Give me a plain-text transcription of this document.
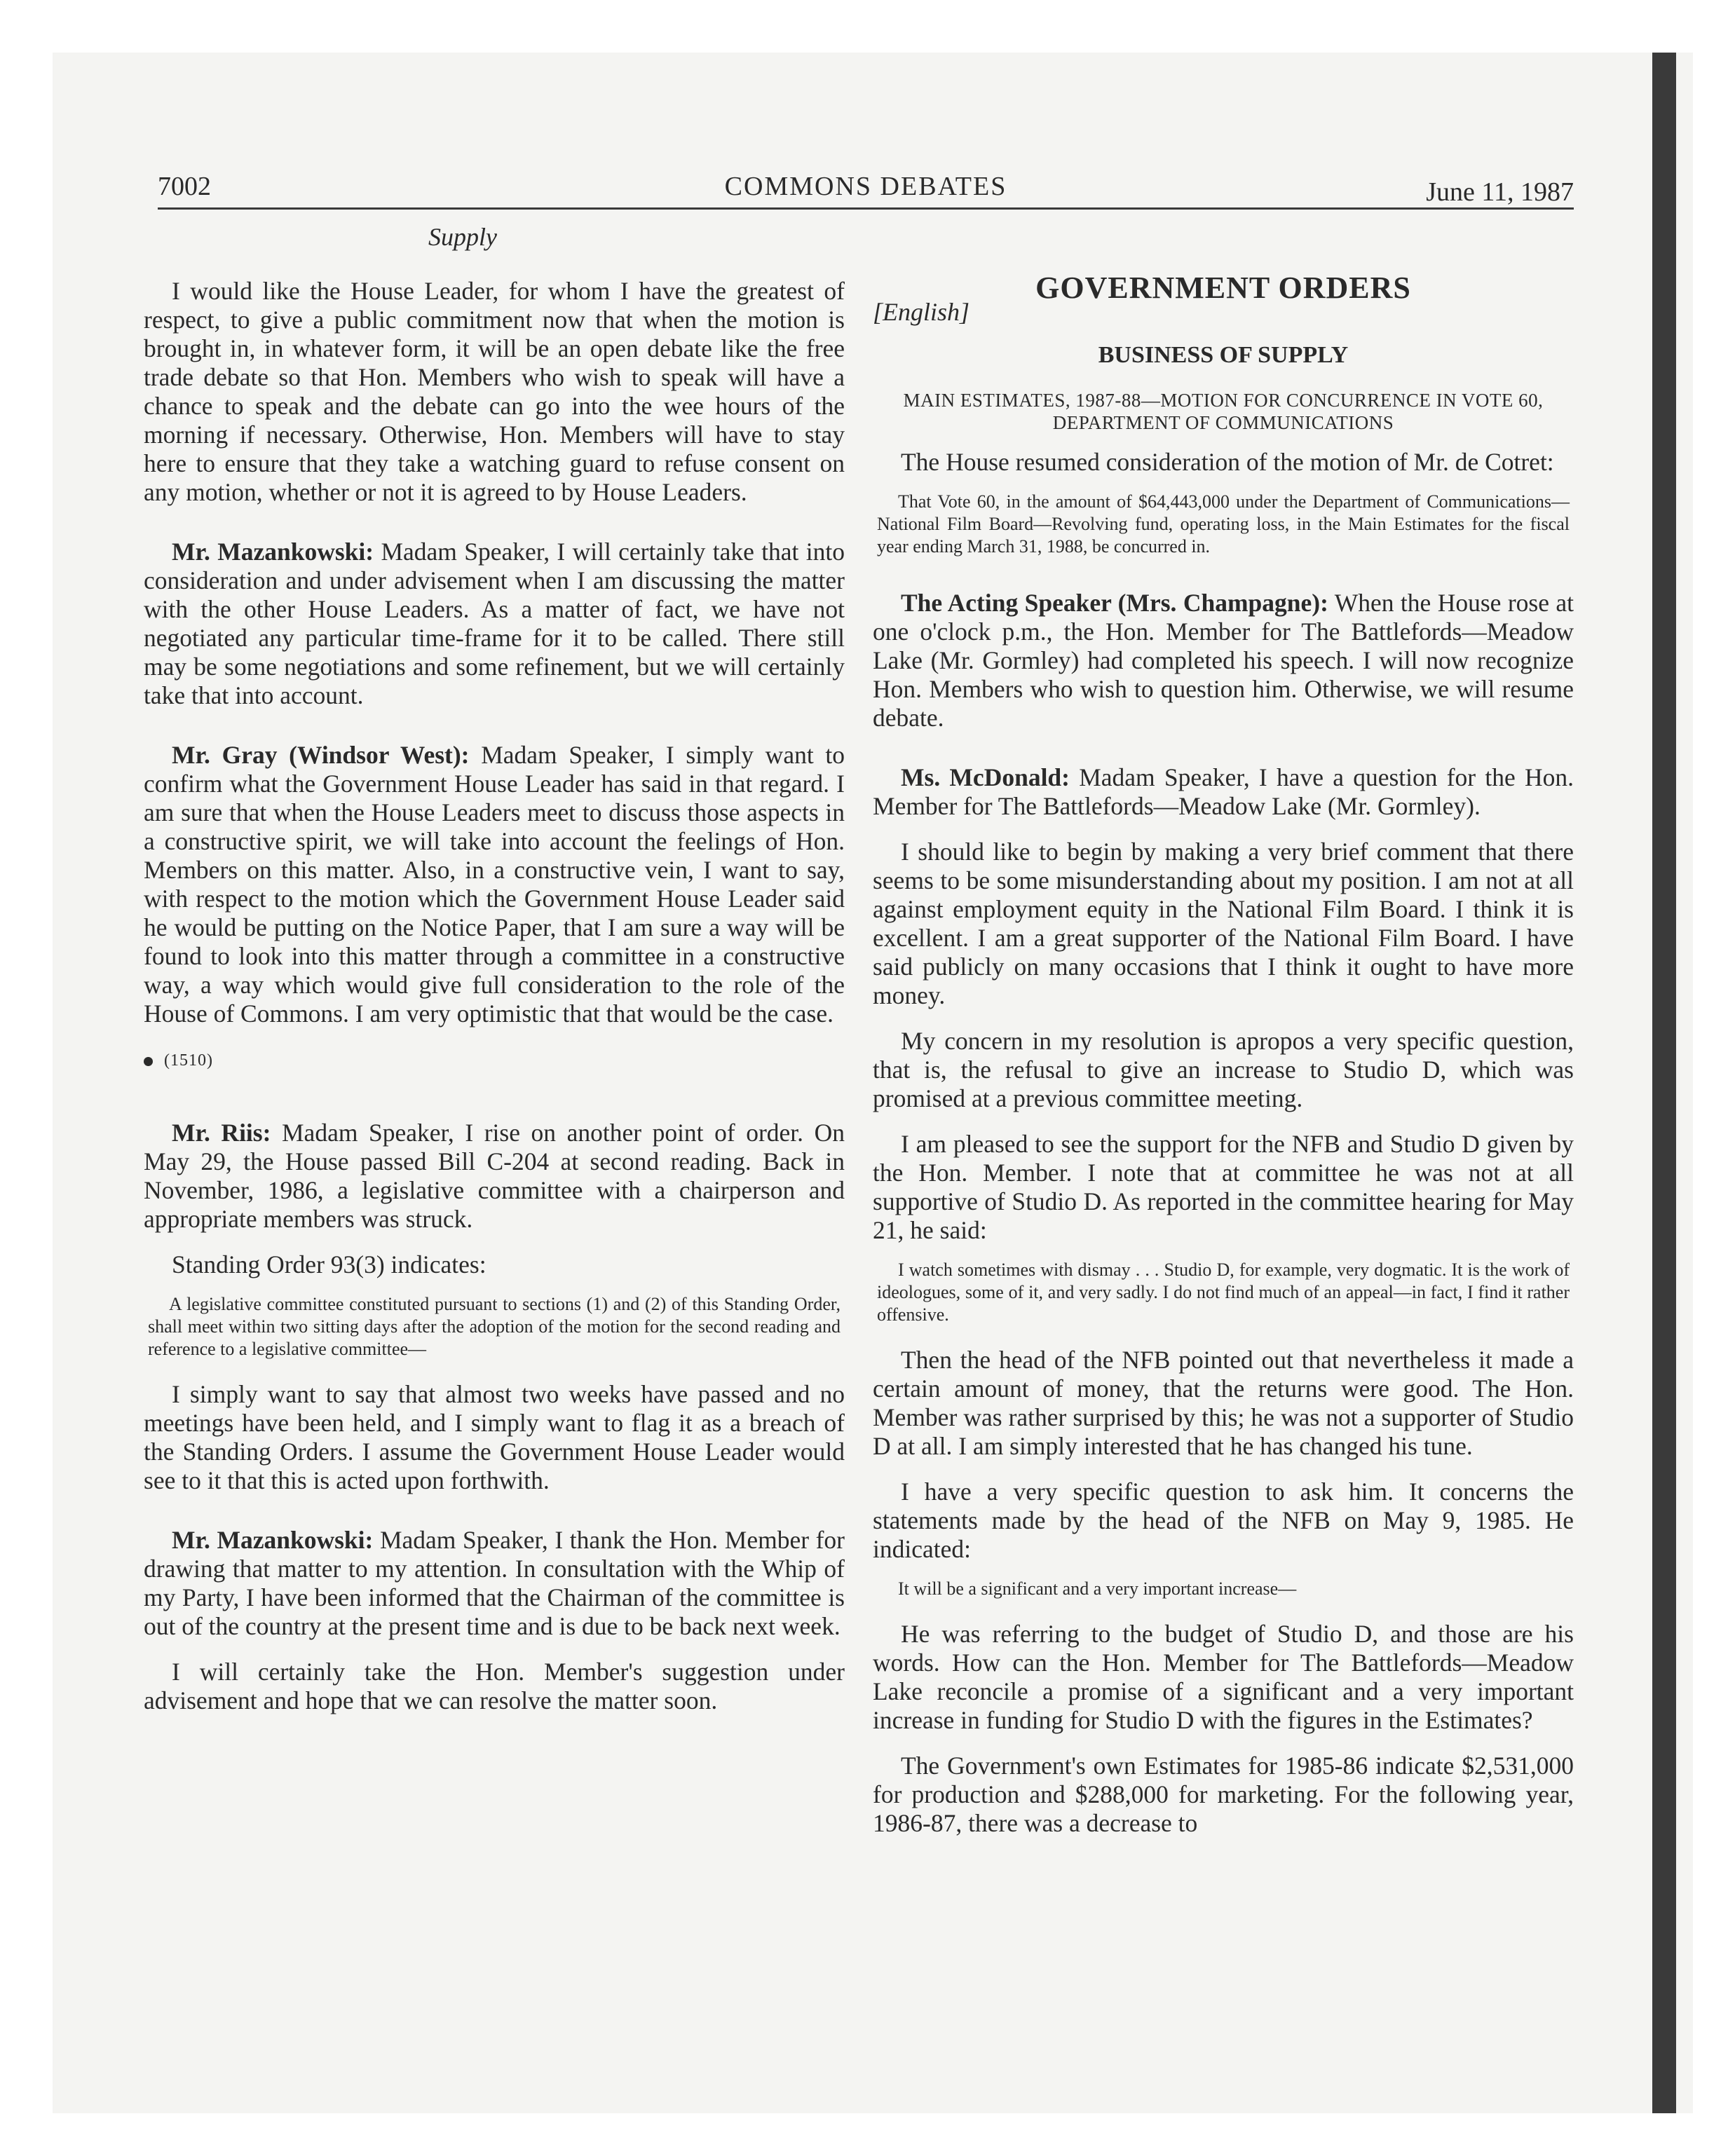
7002	COMMONS DEBATES	June 11, 1987
Supply

I would like the House Leader, for whom I have the greatest of respect, to give a public commitment now that when the motion is brought in, in whatever form, it will be an open debate like the free trade debate so that Hon. Members who wish to speak will have a chance to speak and the debate can go into the wee hours of the morning if necessary. Otherwise, Hon. Members will have to stay here to ensure that they take a watching guard to refuse consent on any motion, whether or not it is agreed to by House Leaders.

Mr. Mazankowski: Madam Speaker, I will certainly take that into consideration and under advisement when I am discussing the matter with the other House Leaders. As a matter of fact, we have not negotiated any particular time-frame for it to be called. There still may be some negotiations and some refinement, but we will certainly take that into account.

Mr. Gray (Windsor West): Madam Speaker, I simply want to confirm what the Government House Leader has said in that regard. I am sure that when the House Leaders meet to discuss those aspects in a constructive spirit, we will take into account the feelings of Hon. Members on this matter. Also, in a constructive vein, I want to say, with respect to the motion which the Government House Leader said he would be putting on the Notice Paper, that I am sure a way will be found to look into this matter through a committee in a constructive way, a way which would give full consideration to the role of the House of Commons. I am very optimistic that that would be the case.

(1510)

Mr. Riis: Madam Speaker, I rise on another point of order. On May 29, the House passed Bill C-204 at second reading. Back in November, 1986, a legislative committee with a chairperson and appropriate members was struck.

Standing Order 93(3) indicates:

A legislative committee constituted pursuant to sections (1) and (2) of this Standing Order, shall meet within two sitting days after the adoption of the motion for the second reading and reference to a legislative committee—

I simply want to say that almost two weeks have passed and no meetings have been held, and I simply want to flag it as a breach of the Standing Orders. I assume the Government House Leader would see to it that this is acted upon forthwith.

Mr. Mazankowski: Madam Speaker, I thank the Hon. Member for drawing that matter to my attention. In consultation with the Whip of my Party, I have been informed that the Chairman of the committee is out of the country at the present time and is due to be back next week.

I will certainly take the Hon. Member's suggestion under advisement and hope that we can resolve the matter soon.

GOVERNMENT ORDERS
[English]
BUSINESS OF SUPPLY
MAIN ESTIMATES, 1987-88—MOTION FOR CONCURRENCE IN VOTE 60, DEPARTMENT OF COMMUNICATIONS

The House resumed consideration of the motion of Mr. de Cotret:

That Vote 60, in the amount of $64,443,000 under the Department of Communications—National Film Board—Revolving fund, operating loss, in the Main Estimates for the fiscal year ending March 31, 1988, be concurred in.

The Acting Speaker (Mrs. Champagne): When the House rose at one o'clock p.m., the Hon. Member for The Battlefords—Meadow Lake (Mr. Gormley) had completed his speech. I will now recognize Hon. Members who wish to question him. Otherwise, we will resume debate.

Ms. McDonald: Madam Speaker, I have a question for the Hon. Member for The Battlefords—Meadow Lake (Mr. Gormley).

I should like to begin by making a very brief comment that there seems to be some misunderstanding about my position. I am not at all against employment equity in the National Film Board. I think it is excellent. I am a great supporter of the National Film Board. I have said publicly on many occasions that I think it ought to have more money.

My concern in my resolution is apropos a very specific question, that is, the refusal to give an increase to Studio D, which was promised at a previous committee meeting.

I am pleased to see the support for the NFB and Studio D given by the Hon. Member. I note that at committee he was not at all supportive of Studio D. As reported in the committee hearing for May 21, he said:

I watch sometimes with dismay . . . Studio D, for example, very dogmatic. It is the work of ideologues, some of it, and very sadly. I do not find much of an appeal—in fact, I find it rather offensive.

Then the head of the NFB pointed out that nevertheless it made a certain amount of money, that the returns were good. The Hon. Member was rather surprised by this; he was not a supporter of Studio D at all. I am simply interested that he has changed his tune.

I have a very specific question to ask him. It concerns the statements made by the head of the NFB on May 9, 1985. He indicated:

It will be a significant and a very important increase—

He was referring to the budget of Studio D, and those are his words. How can the Hon. Member for The Battlefords—Meadow Lake reconcile a promise of a significant and a very important increase in funding for Studio D with the figures in the Estimates?

The Government's own Estimates for 1985-86 indicate $2,531,000 for production and $288,000 for marketing. For the following year, 1986-87, there was a decrease to
